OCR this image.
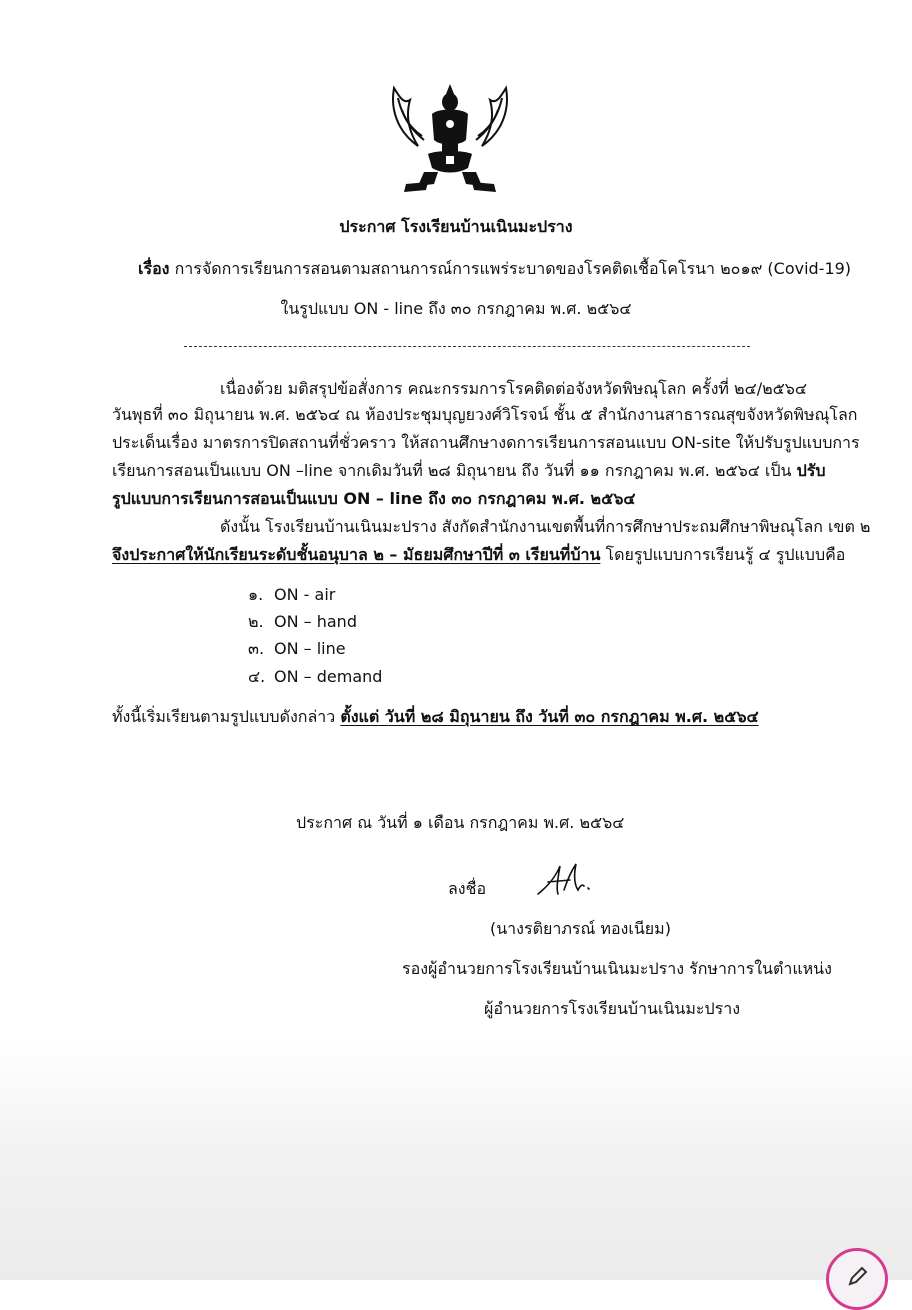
ประกาศ โรงเรียนบ้านเนินมะปราง
เรื่อง การจัดการเรียนการสอนตามสถานการณ์การแพร่ระบาดของโรคติดเชื้อโคโรนา ๒๐๑๙ (Covid-19)
ในรูปแบบ ON - line ถึง ๓๐ กรกฎาคม พ.ศ. ๒๕๖๔
เนื่องด้วย มติสรุปข้อสั่งการ คณะกรรมการโรคติดต่อจังหวัดพิษณุโลก ครั้งที่ ๒๔/๒๕๖๔
วันพุธที่ ๓๐ มิถุนายน พ.ศ. ๒๕๖๔ ณ ห้องประชุมบุญยวงศ์วิโรจน์ ชั้น ๕ สำนักงานสาธารณสุขจังหวัดพิษณุโลก
ประเด็นเรื่อง มาตรการปิดสถานที่ชั่วคราว ให้สถานศึกษางดการเรียนการสอนแบบ ON-site ให้ปรับรูปแบบการ
เรียนการสอนเป็นแบบ ON –line จากเดิมวันที่ ๒๘ มิถุนายน ถึง วันที่ ๑๑ กรกฎาคม พ.ศ. ๒๕๖๔ เป็น ปรับ
รูปแบบการเรียนการสอนเป็นแบบ ON – line ถึง ๓๐ กรกฎาคม พ.ศ. ๒๕๖๔
ดังนั้น โรงเรียนบ้านเนินมะปราง สังกัดสำนักงานเขตพื้นที่การศึกษาประถมศึกษาพิษณุโลก เขต ๒
จึงประกาศให้นักเรียนระดับชั้นอนุบาล ๒ – มัธยมศึกษาปีที่ ๓ เรียนที่บ้าน โดยรูปแบบการเรียนรู้ ๔ รูปแบบคือ
๑. ON - air
๒. ON – hand
๓. ON – line
๔. ON – demand
ทั้งนี้เริ่มเรียนตามรูปแบบดังกล่าว ตั้งแต่ วันที่ ๒๘ มิถุนายน ถึง วันที่ ๓๐ กรกฎาคม พ.ศ. ๒๕๖๔
ประกาศ ณ วันที่ ๑ เดือน กรกฎาคม พ.ศ. ๒๕๖๔
ลงชื่อ
(นางรติยาภรณ์ ทองเนียม)
รองผู้อำนวยการโรงเรียนบ้านเนินมะปราง รักษาการในตำแหน่ง
ผู้อำนวยการโรงเรียนบ้านเนินมะปราง
